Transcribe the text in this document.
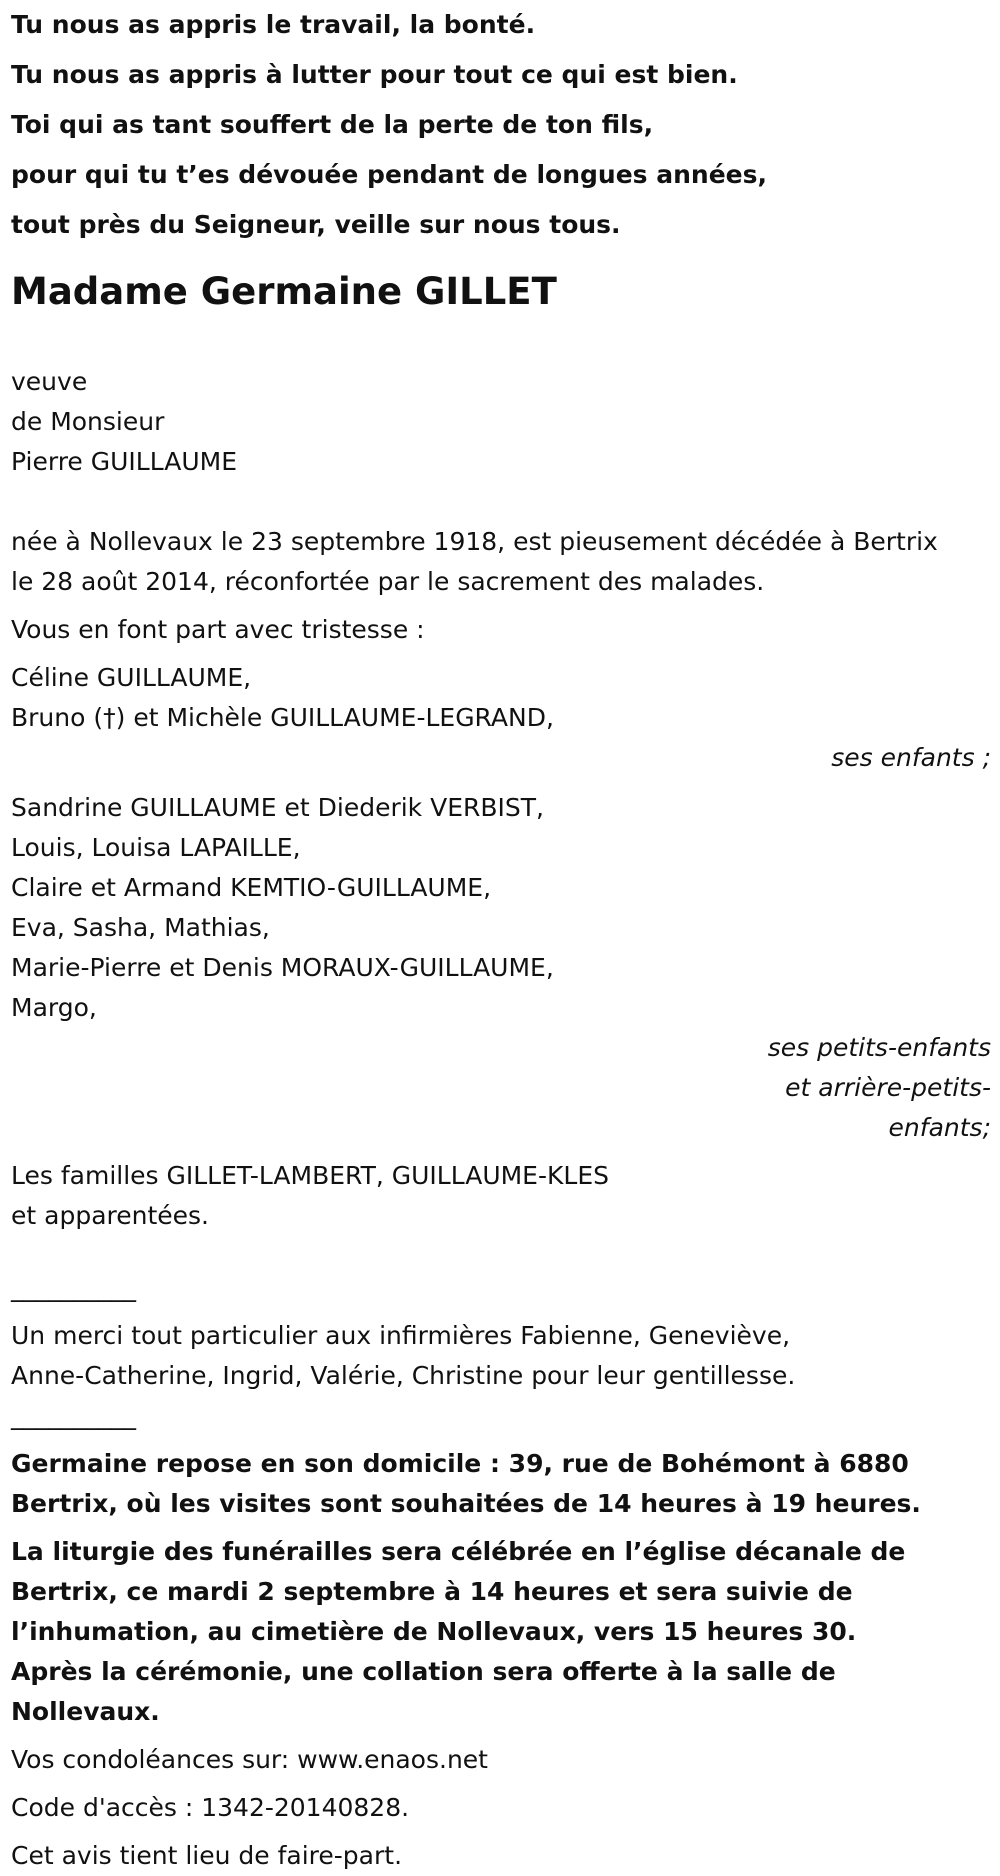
Tu nous as appris le travail, la bonté.

Tu nous as appris à lutter pour tout ce qui est bien.

Toi qui as tant souffert de la perte de ton fils,

pour qui tu t’es dévouée pendant de longues années,

tout près du Seigneur, veille sur nous tous.

Madame Germaine GILLET

veuve

de Monsieur

Pierre GUILLAUME

née à Nollevaux le 23 septembre 1918, est pieusement décédée à Bertrix

le 28 août 2014, réconfortée par le sacrement des malades.

Vous en font part avec tristesse :

Céline GUILLAUME,

Bruno (†) et Michèle GUILLAUME-LEGRAND,

ses enfants ;

Sandrine GUILLAUME et Diederik VERBIST,

Louis, Louisa LAPAILLE,

Claire et Armand KEMTIO-GUILLAUME,

Eva, Sasha, Mathias,

Marie-Pierre et Denis MORAUX-GUILLAUME,

Margo,

ses petits-enfants

et arrière-petits-

enfants;

Les familles GILLET-LAMBERT, GUILLAUME-KLES

et apparentées.

__________

Un merci tout particulier aux infirmières Fabienne, Geneviève,

Anne-Catherine, Ingrid, Valérie, Christine pour leur gentillesse.

__________

Germaine repose en son domicile : 39, rue de Bohémont à 6880

Bertrix, où les visites sont souhaitées de 14 heures à 19 heures.

La liturgie des funérailles sera célébrée en l’église décanale de

Bertrix, ce mardi 2 septembre à 14 heures et sera suivie de

l’inhumation, au cimetière de Nollevaux, vers 15 heures 30.

Après la cérémonie, une collation sera offerte à la salle de Nollevaux.

Vos condoléances sur: www.enaos.net

Code d'accès : 1342-20140828.

Cet avis tient lieu de faire-part.
